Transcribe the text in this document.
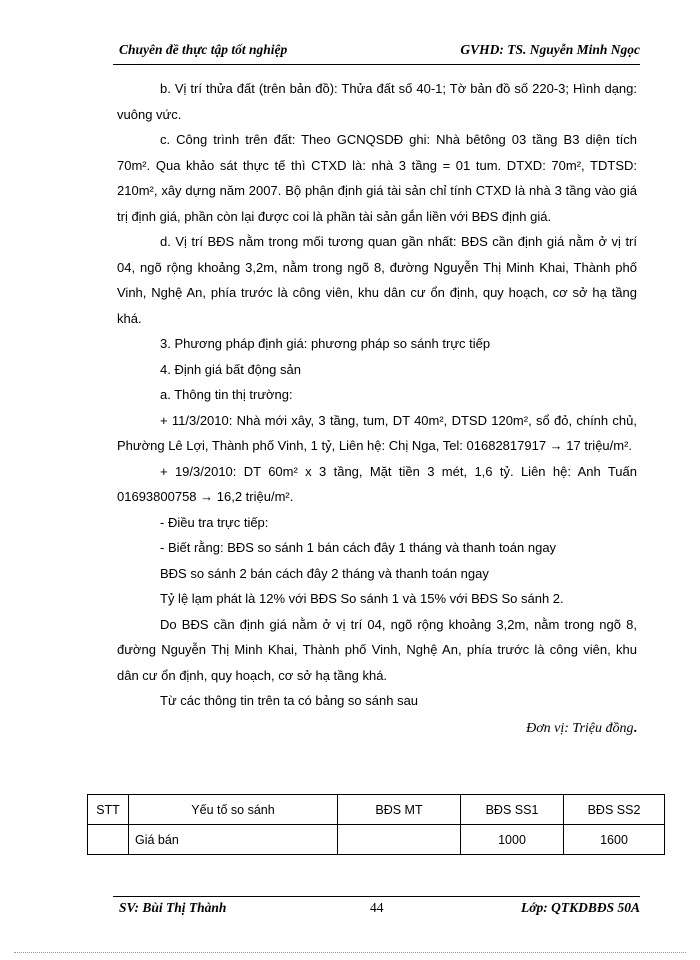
Chuyên đề thực tập tốt nghiệp	GVHD: TS. Nguyễn Minh Ngọc

b. Vị trí thửa đất (trên bản đồ): Thửa đất số 40-1; Tờ bản đồ số 220-3; Hình dạng: vuông vức.

c. Công trình trên đất: Theo GCNQSDĐ ghi: Nhà bêtông 03 tầng B3 diện tích 70m². Qua khảo sát thực tế thì CTXD là: nhà 3 tầng = 01 tum. DTXD: 70m², TDTSD: 210m², xây dựng năm 2007. Bộ phận định giá tài sản chỉ tính CTXD là nhà 3 tầng vào giá trị định giá, phần còn lại được coi là phần tài sản gắn liền với BĐS định giá.

d. Vị trí BĐS nằm trong mối tương quan gần nhất: BĐS cần định giá nằm ở vị trí 04, ngõ rộng khoảng 3,2m, nằm trong ngõ 8, đường Nguyễn Thị Minh Khai, Thành phố Vinh, Nghệ An, phía trước là công viên, khu dân cư ổn định, quy hoạch, cơ sở hạ tầng khá.

3. Phương pháp định giá: phương pháp so sánh trực tiếp

4. Định giá bất động sản

a. Thông tin thị trường:

+ 11/3/2010: Nhà mới xây, 3 tầng, tum, DT 40m², DTSD 120m², sổ đỏ, chính chủ, Phường Lê Lợi, Thành phố Vinh, 1 tỷ, Liên hệ: Chị Nga, Tel: 01682817917 → 17 triệu/m².

+ 19/3/2010: DT 60m² x 3 tầng, Mặt tiền 3 mét, 1,6 tỷ. Liên hệ: Anh Tuấn 01693800758 → 16,2 triệu/m².

- Điều tra trực tiếp:

- Biết rằng: BĐS so sánh 1 bán cách đây 1 tháng và thanh toán ngay

BĐS so sánh 2 bán cách đây 2 tháng và thanh toán ngay

Tỷ lệ lạm phát là 12% với BĐS So sánh 1 và 15% với BĐS So sánh 2.

Do BĐS cần định giá nằm ở vị trí 04, ngõ rộng khoảng 3,2m, nằm trong ngõ 8, đường Nguyễn Thị Minh Khai, Thành phố Vinh, Nghệ An, phía trước là công viên, khu dân cư ổn định, quy hoạch, cơ sở hạ tầng khá.

Từ các thông tin trên ta có bảng so sánh sau

Đơn vị: Triệu đồng.

STT	Yếu tố so sánh	BĐS MT	BĐS SS1	BĐS SS2
	Giá bán		1000	1600
SV: Bùi Thị Thành	44	Lớp: QTKDBĐS 50A
